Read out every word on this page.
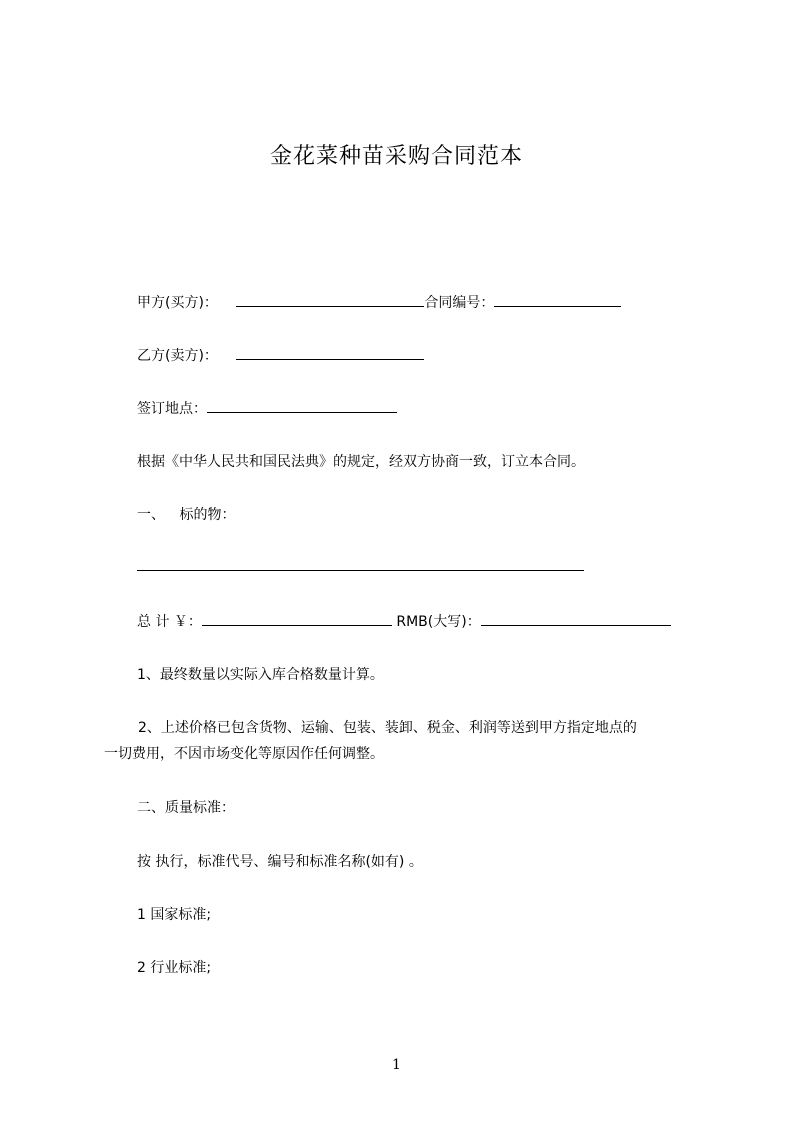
金花菜种苗采购合同范本
甲方(买方)：	合同编号：
乙方(卖方)：
签订地点：
根据《中华人民共和国民法典》的规定，经双方协商一致，订立本合同。
一、 标的物：
总 计 ￥：	RMB(大写)：
1、最终数量以实际入库合格数量计算。
2、上述价格已包含货物、运输、包装、装卸、税金、利润等送到甲方指定地点的
一切费用，不因市场变化等原因作任何调整。
二、质量标准：
按 执行，标准代号、编号和标准名称(如有) 。
1 国家标准;
2 行业标准;
1
